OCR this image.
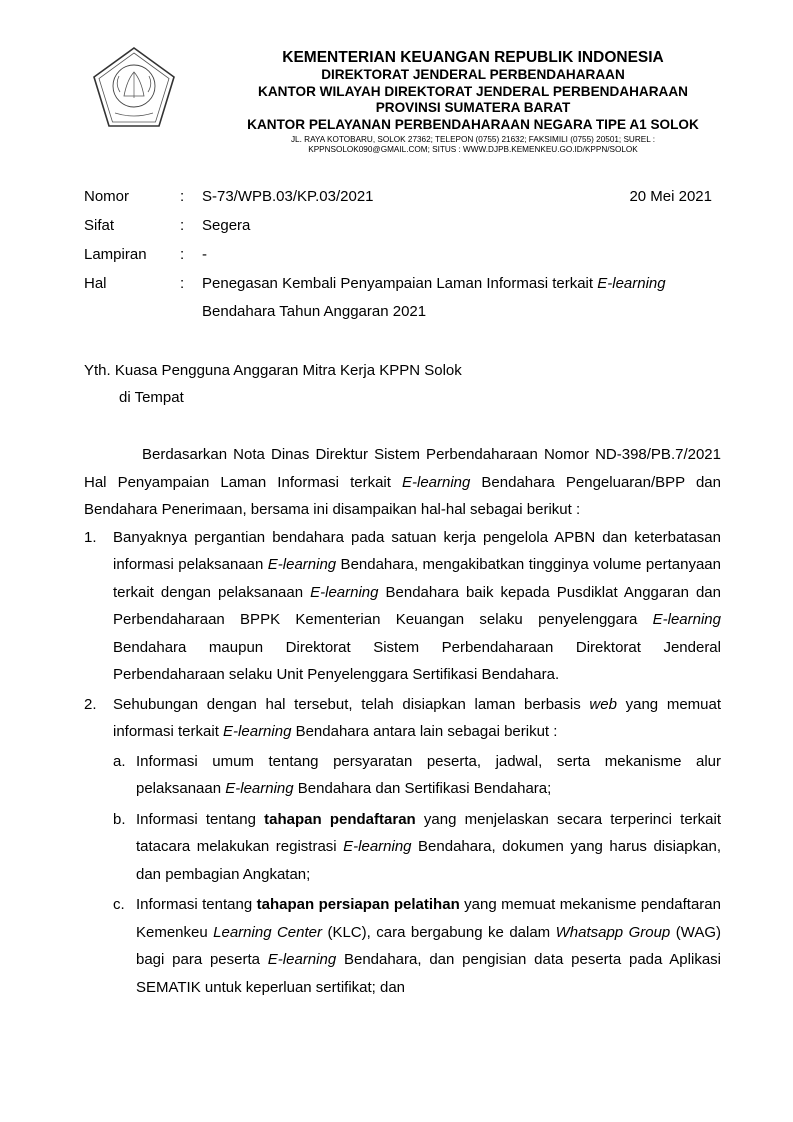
KEMENTERIAN KEUANGAN REPUBLIK INDONESIA
DIREKTORAT JENDERAL PERBENDAHARAAN
KANTOR WILAYAH DIREKTORAT JENDERAL PERBENDAHARAAN
PROVINSI SUMATERA BARAT
KANTOR PELAYANAN PERBENDAHARAAN NEGARA TIPE A1 SOLOK
JL. RAYA KOTOBARU, SOLOK 27362; TELEPON (0755) 21632; FAKSIMILI (0755) 20501; SUREL :
KPPNSOLOK090@GMAIL.COM; SITUS : WWW.DJPB.KEMENKEU.GO.ID/KPPN/SOLOK
Nomor	: S-73/WPB.03/KP.03/2021	20 Mei 2021
Sifat	: Segera
Lampiran : -
Hal	: Penegasan Kembali Penyampaian Laman Informasi terkait E-learning
Bendahara Tahun Anggaran 2021
Yth. Kuasa Pengguna Anggaran Mitra Kerja KPPN Solok
di Tempat

Berdasarkan Nota Dinas Direktur Sistem Perbendaharaan Nomor ND-398/PB.7/2021 Hal Penyampaian Laman Informasi terkait E-learning Bendahara Pengeluaran/BPP dan Bendahara Penerimaan, bersama ini disampaikan hal-hal sebagai berikut :

1. Banyaknya pergantian bendahara pada satuan kerja pengelola APBN dan keterbatasan informasi pelaksanaan E-learning Bendahara, mengakibatkan tingginya volume pertanyaan terkait dengan pelaksanaan E-learning Bendahara baik kepada Pusdiklat Anggaran dan Perbendaharaan BPPK Kementerian Keuangan selaku penyelenggara E-learning Bendahara maupun Direktorat Sistem Perbendaharaan Direktorat Jenderal Perbendaharaan selaku Unit Penyelenggara Sertifikasi Bendahara.
2. Sehubungan dengan hal tersebut, telah disiapkan laman berbasis web yang memuat informasi terkait E-learning Bendahara antara lain sebagai berikut :
a. Informasi umum tentang persyaratan peserta, jadwal, serta mekanisme alur pelaksanaan E-learning Bendahara dan Sertifikasi Bendahara;
b. Informasi tentang tahapan pendaftaran yang menjelaskan secara terperinci terkait tatacara melakukan registrasi E-learning Bendahara, dokumen yang harus disiapkan, dan pembagian Angkatan;
c. Informasi tentang tahapan persiapan pelatihan yang memuat mekanisme pendaftaran Kemenkeu Learning Center (KLC), cara bergabung ke dalam Whatsapp Group (WAG) bagi para peserta E-learning Bendahara, dan pengisian data peserta pada Aplikasi SEMATIK untuk keperluan sertifikat; dan
